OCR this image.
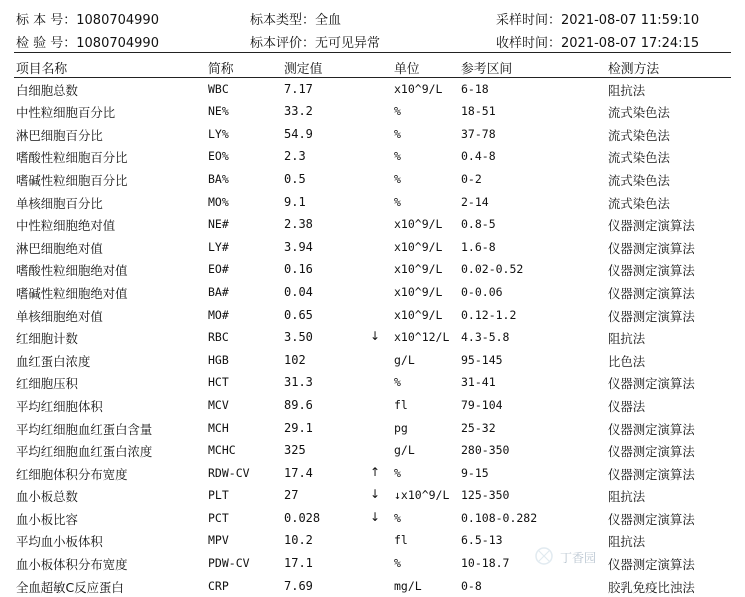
标 本 号：1080704990	标本类型：全血	采样时间：2021-08-07 11:59:10
检 验 号：1080704990	标本评价：无可见异常	收样时间：2021-08-07 17:24:15
项目名称	简称	测定值	单位	参考区间	检测方法
白细胞总数	WBC	7.17	x10^9/L 6-18	阻抗法
中性粒细胞百分比	NE%	33.2	%	18-51	流式染色法
淋巴细胞百分比	LY%	54.9	%	37-78	流式染色法
嗜酸性粒细胞百分比	EO%	2.3	%	0.4-8	流式染色法
嗜碱性粒细胞百分比	BA%	0.5	%	0-2	流式染色法
单核细胞百分比	MO%	9.1	%	2-14	流式染色法
中性粒细胞绝对值	NE#	2.38	x10^9/L 0.8-5	仪器测定演算法
淋巴细胞绝对值	LY#	3.94	x10^9/L 1.6-8	仪器测定演算法
嗜酸性粒细胞绝对值	EO#	0.16	x10^9/L 0.02-0.52	仪器测定演算法
嗜碱性粒细胞绝对值	BA#	0.04	x10^9/L 0-0.06	仪器测定演算法
单核细胞绝对值	MO#	0.65	x10^9/L 0.12-1.2	仪器测定演算法
红细胞计数	RBC	3.50	↓ x10^12/L 4.3-5.8	阻抗法
血红蛋白浓度	HGB	102	g/L	95-145	比色法
红细胞压积	HCT	31.3	%	31-41	仪器测定演算法
平均红细胞体积	MCV	89.6	fl	79-104	仪器法
平均红细胞血红蛋白含量	MCH	29.1	pg	25-32	仪器测定演算法
平均红细胞血红蛋白浓度	MCHC	325	g/L	280-350	仪器测定演算法
红细胞体积分布宽度	RDW-CV	17.4	↑ %	9-15	仪器测定演算法
血小板总数	PLT	27	↓ ↓x10^9/L 125-350	阻抗法
血小板比容	PCT	0.028	↓ %	0.108-0.282	仪器测定演算法
平均血小板体积	MPV	10.2	fl	6.5-13	阻抗法
血小板体积分布宽度	PDW-CV	17.1	%	10-18.7	仪器测定演算法
全血超敏C反应蛋白	CRP	7.69	mg/L	0-8	胶乳免疫比浊法
丁香园
